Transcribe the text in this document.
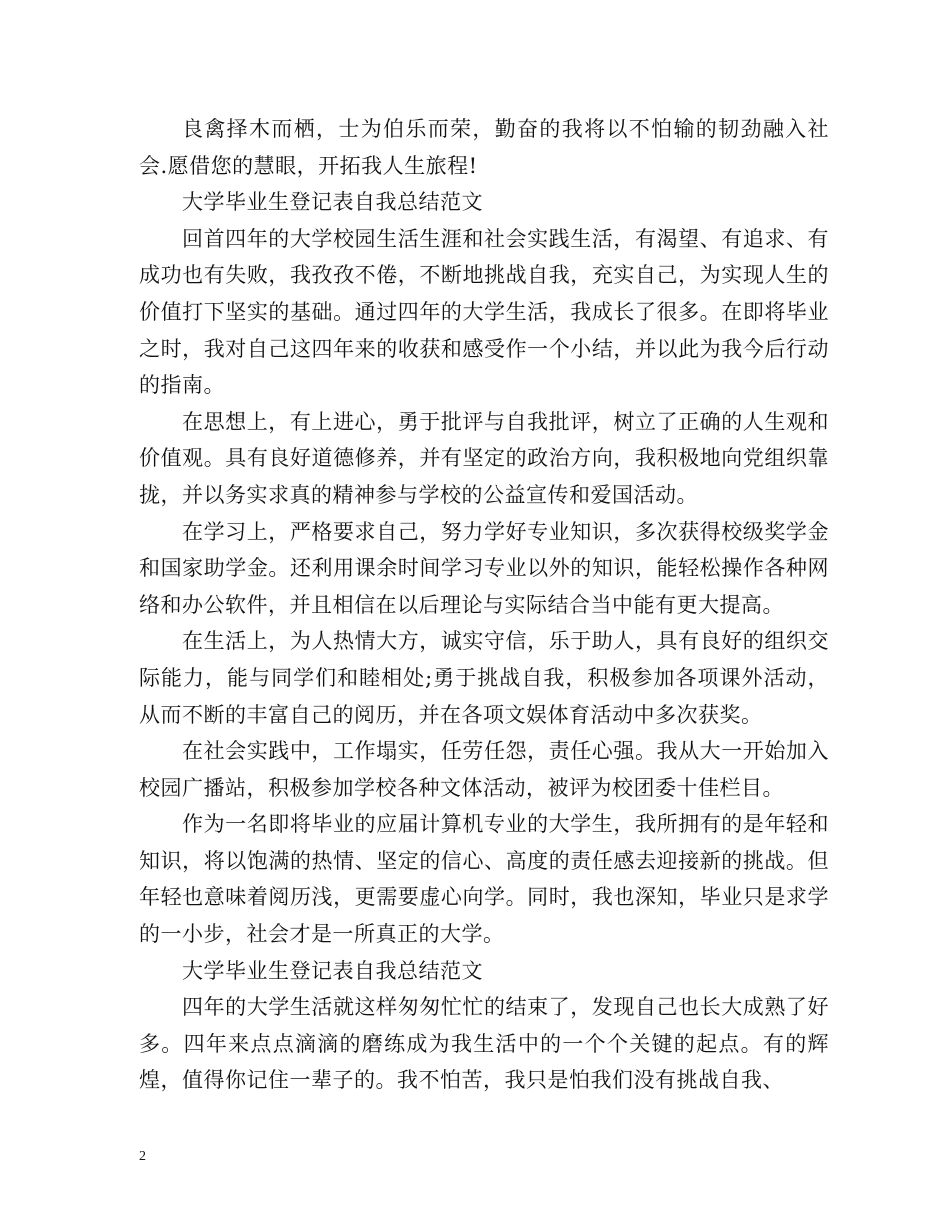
良禽择木而栖，士为伯乐而荣，勤奋的我将以不怕输的韧劲融入社会.愿借您的慧眼，开拓我人生旅程!

大学毕业生登记表自我总结范文

回首四年的大学校园生活生涯和社会实践生活，有渴望、有追求、有成功也有失败，我孜孜不倦，不断地挑战自我，充实自己，为实现人生的价值打下坚实的基础。通过四年的大学生活，我成长了很多。在即将毕业之时，我对自己这四年来的收获和感受作一个小结，并以此为我今后行动的指南。

在思想上，有上进心，勇于批评与自我批评，树立了正确的人生观和价值观。具有良好道德修养，并有坚定的政治方向，我积极地向党组织靠拢，并以务实求真的精神参与学校的公益宣传和爱国活动。

在学习上，严格要求自己，努力学好专业知识，多次获得校级奖学金和国家助学金。还利用课余时间学习专业以外的知识，能轻松操作各种网络和办公软件，并且相信在以后理论与实际结合当中能有更大提高。

在生活上，为人热情大方，诚实守信，乐于助人，具有良好的组织交际能力，能与同学们和睦相处;勇于挑战自我，积极参加各项课外活动，从而不断的丰富自己的阅历，并在各项文娱体育活动中多次获奖。

在社会实践中，工作塌实，任劳任怨，责任心强。我从大一开始加入校园广播站，积极参加学校各种文体活动，被评为校团委十佳栏目。

作为一名即将毕业的应届计算机专业的大学生，我所拥有的是年轻和知识，将以饱满的热情、坚定的信心、高度的责任感去迎接新的挑战。但年轻也意味着阅历浅，更需要虚心向学。同时，我也深知，毕业只是求学的一小步，社会才是一所真正的大学。

大学毕业生登记表自我总结范文

四年的大学生活就这样匆匆忙忙的结束了，发现自己也长大成熟了好多。四年来点点滴滴的磨练成为我生活中的一个个关键的起点。有的辉煌，值得你记住一辈子的。我不怕苦，我只是怕我们没有挑战自我、

2
